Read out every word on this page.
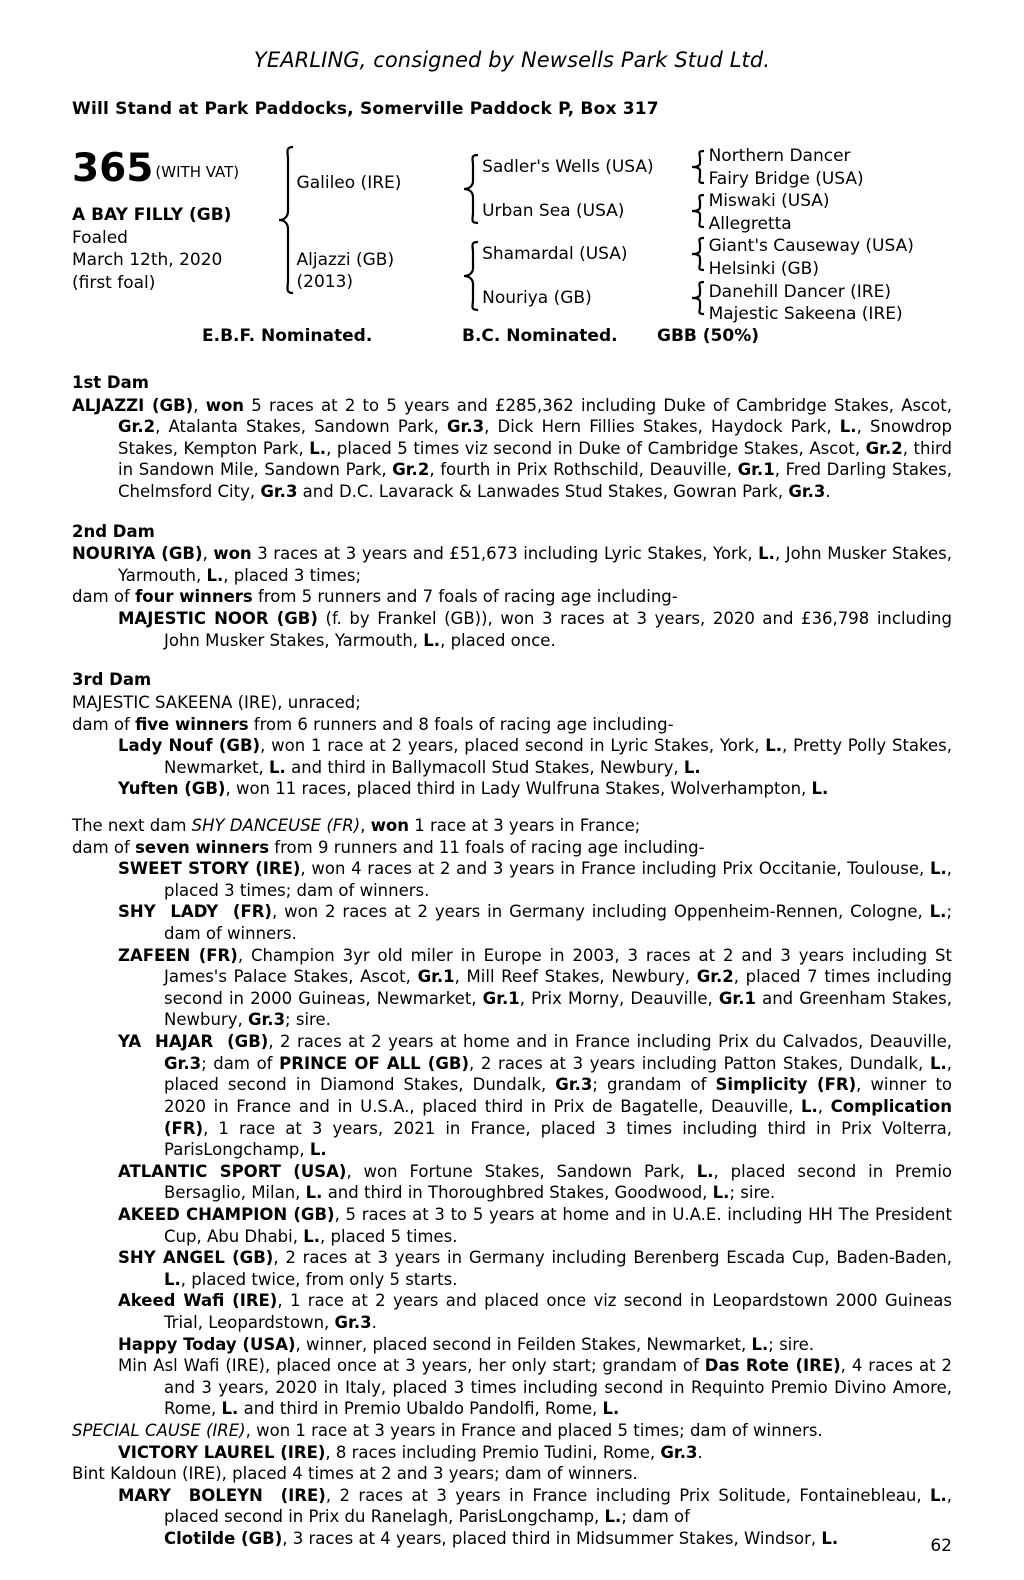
YEARLING, consigned by Newsells Park Stud Ltd.
Will Stand at Park Paddocks, Somerville Paddock P, Box 317
365 (WITH VAT)
A BAY FILLY (GB)
Foaled
March 12th, 2020
(first foal)
Galileo (IRE)
Aljazzi (GB)
(2013)
Sadler's Wells (USA)
Urban Sea (USA)
Shamardal (USA)
Nouriya (GB)
Northern Dancer
Fairy Bridge (USA)
Miswaki (USA)
Allegretta
Giant's Causeway (USA)
Helsinki (GB)
Danehill Dancer (IRE)
Majestic Sakeena (IRE)
E.B.F. Nominated.	B.C. Nominated.	GBB (50%)
1st Dam

ALJAZZI (GB), won 5 races at 2 to 5 years and £285,362 including Duke of Cambridge Stakes, Ascot, Gr.2, Atalanta Stakes, Sandown Park, Gr.3, Dick Hern Fillies Stakes, Haydock Park, L., Snowdrop Stakes, Kempton Park, L., placed 5 times viz second in Duke of Cambridge Stakes, Ascot, Gr.2, third in Sandown Mile, Sandown Park, Gr.2, fourth in Prix Rothschild, Deauville, Gr.1, Fred Darling Stakes, Chelmsford City, Gr.3 and D.C. Lavarack & Lanwades Stud Stakes, Gowran Park, Gr.3.

2nd Dam

NOURIYA (GB), won 3 races at 3 years and £51,673 including Lyric Stakes, York, L., John Musker Stakes, Yarmouth, L., placed 3 times;

dam of four winners from 5 runners and 7 foals of racing age including-

MAJESTIC NOOR (GB) (f. by Frankel (GB)), won 3 races at 3 years, 2020 and £36,798 including John Musker Stakes, Yarmouth, L., placed once.

3rd Dam

MAJESTIC SAKEENA (IRE), unraced;

dam of five winners from 6 runners and 8 foals of racing age including-

Lady Nouf (GB), won 1 race at 2 years, placed second in Lyric Stakes, York, L., Pretty Polly Stakes, Newmarket, L. and third in Ballymacoll Stud Stakes, Newbury, L.

Yuften (GB), won 11 races, placed third in Lady Wulfruna Stakes, Wolverhampton, L.

The next dam SHY DANCEUSE (FR), won 1 race at 3 years in France;

dam of seven winners from 9 runners and 11 foals of racing age including-

SWEET STORY (IRE), won 4 races at 2 and 3 years in France including Prix Occitanie, Toulouse, L., placed 3 times; dam of winners.

SHY  LADY  (FR), won 2 races at 2 years in Germany including Oppenheim-Rennen, Cologne, L.; dam of winners.

ZAFEEN (FR), Champion 3yr old miler in Europe in 2003, 3 races at 2 and 3 years including St James's Palace Stakes, Ascot, Gr.1, Mill Reef Stakes, Newbury, Gr.2, placed 7 times including second in 2000 Guineas, Newmarket, Gr.1, Prix Morny, Deauville, Gr.1 and Greenham Stakes, Newbury, Gr.3; sire.

YA  HAJAR  (GB), 2 races at 2 years at home and in France including Prix du Calvados, Deauville, Gr.3; dam of PRINCE OF ALL (GB), 2 races at 3 years including Patton Stakes, Dundalk, L., placed second in Diamond Stakes, Dundalk, Gr.3; grandam of Simplicity (FR), winner to 2020 in France and in U.S.A., placed third in Prix de Bagatelle, Deauville, L., Complication (FR), 1 race at 3 years, 2021 in France, placed 3 times including third in Prix Volterra, ParisLongchamp, L.

ATLANTIC SPORT (USA), won Fortune Stakes, Sandown Park, L., placed second in Premio Bersaglio, Milan, L. and third in Thoroughbred Stakes, Goodwood, L.; sire.

AKEED CHAMPION (GB), 5 races at 3 to 5 years at home and in U.A.E. including HH The President Cup, Abu Dhabi, L., placed 5 times.

SHY ANGEL (GB), 2 races at 3 years in Germany including Berenberg Escada Cup, Baden-Baden, L., placed twice, from only 5 starts.

Akeed Wafi (IRE), 1 race at 2 years and placed once viz second in Leopardstown 2000 Guineas Trial, Leopardstown, Gr.3.

Happy Today (USA), winner, placed second in Feilden Stakes, Newmarket, L.; sire.

Min Asl Wafi (IRE), placed once at 3 years, her only start; grandam of Das Rote (IRE), 4 races at 2 and 3 years, 2020 in Italy, placed 3 times including second in Requinto Premio Divino Amore, Rome, L. and third in Premio Ubaldo Pandolfi, Rome, L.

SPECIAL CAUSE (IRE), won 1 race at 3 years in France and placed 5 times; dam of winners.

VICTORY LAUREL (IRE), 8 races including Premio Tudini, Rome, Gr.3.

Bint Kaldoun (IRE), placed 4 times at 2 and 3 years; dam of winners.

MARY  BOLEYN  (IRE), 2 races at 3 years in France including Prix Solitude, Fontainebleau, L., placed second in Prix du Ranelagh, ParisLongchamp, L.; dam of

Clotilde (GB), 3 races at 4 years, placed third in Midsummer Stakes, Windsor, L.	62
